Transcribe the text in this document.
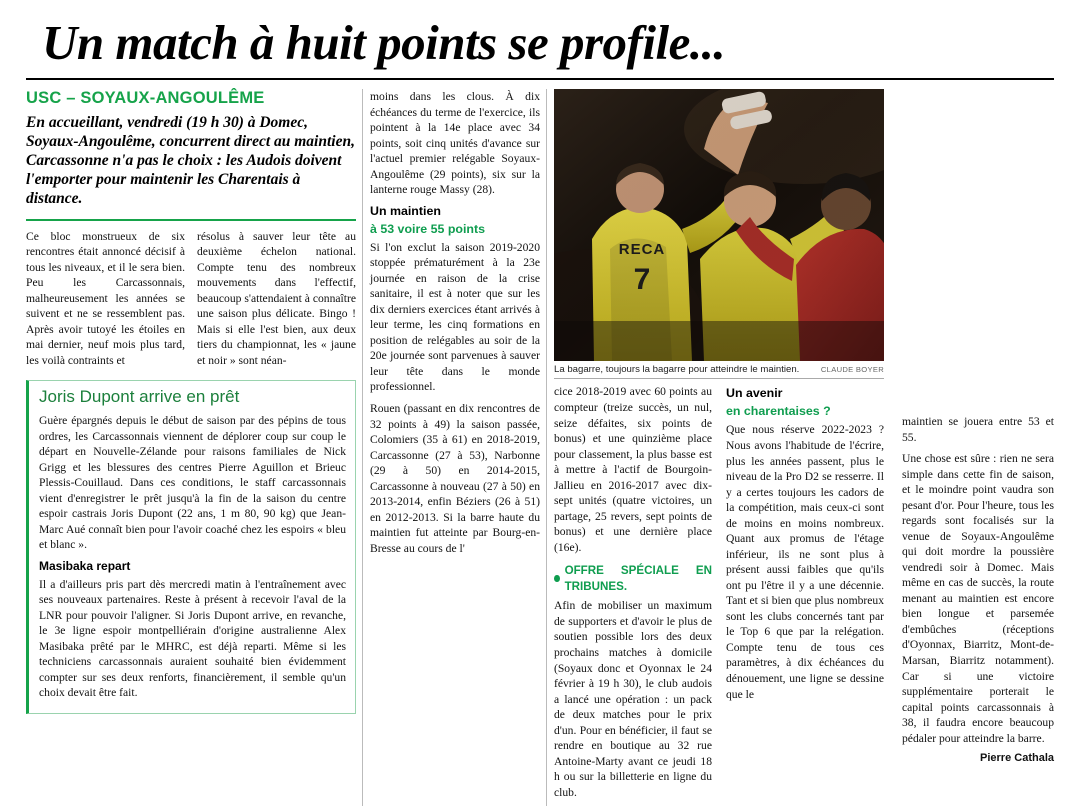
Un match à huit points se profile...
USC – SOYAUX-ANGOULÊME
En accueillant, vendredi (19 h 30) à Domec, Soyaux-Angoulême, concurrent direct au maintien, Carcassonne n'a pas le choix : les Audois doivent l'emporter pour maintenir les Charentais à distance.

Ce bloc monstrueux de six rencontres était annoncé décisif à tous les niveaux, et il le sera bien. Peu les Carcassonnais, malheureusement les années se suivent et ne se ressemblent pas. Après avoir tutoyé les étoiles en mai dernier, neuf mois plus tard, les voilà contraints et

résolus à sauver leur tête au deuxième échelon national. Compte tenu des nombreux mouvements dans l'effectif, beaucoup s'attendaient à connaître une saison plus délicate. Bingo ! Mais si elle l'est bien, aux deux tiers du championnat, les « jaune et noir » sont néan-

Joris Dupont arrive en prêt

Guère épargnés depuis le début de saison par des pépins de tous ordres, les Carcassonnais viennent de déplorer coup sur coup le départ en Nouvelle-Zélande pour raisons familiales de Nick Grigg et les blessures des centres Pierre Aguillon et Brieuc Plessis-Couillaud. Dans ces conditions, le staff carcassonnais vient d'enregistrer le prêt jusqu'à la fin de la saison du centre espoir castrais Joris Dupont (22 ans, 1 m 80, 90 kg) que Jean-Marc Aué connaît bien pour l'avoir coaché chez les espoirs « bleu et blanc ».

Masibaka repart

Il a d'ailleurs pris part dès mercredi matin à l'entraînement avec ses nouveaux partenaires. Reste à présent à recevoir l'aval de la LNR pour pouvoir l'aligner. Si Joris Dupont arrive, en revanche, le 3e ligne espoir montpelliérain d'origine australienne Alex Masibaka prêté par le MHRC, est déjà reparti. Même si les techniciens carcassonnais auraient souhaité bien évidemment compter sur ses deux renforts, financièrement, il semble qu'un choix devait être fait.

moins dans les clous. À dix échéances du terme de l'exercice, ils pointent à la 14e place avec 34 points, soit cinq unités d'avance sur l'actuel premier relégable Soyaux-Angoulême (29 points), six sur la lanterne rouge Massy (28).

Un maintien
à 53 voire 55 points

Si l'on exclut la saison 2019-2020 stoppée prématurément à la 23e journée en raison de la crise sanitaire, il est à noter que sur les dix derniers exercices étant arrivés à leur terme, les cinq formations en position de relégables au soir de la 20e journée sont parvenues à sauver leur tête dans le monde professionnel.

Rouen (passant en dix rencontres de 32 points à 49) la saison passée, Colomiers (35 à 61) en 2018-2019, Carcassonne (27 à 53), Narbonne (29 à 50) en 2014-2015, Carcassonne à nouveau (27 à 50) en 2013-2014, enfin Béziers (26 à 51) en 2012-2013. Si la barre haute du maintien fut atteinte par Bourg-en-Bresse au cours de l'

7
RECA
La bagarre, toujours la bagarre pour atteindre le maintien.	CLAUDE BOYER

cice 2018-2019 avec 60 points au compteur (treize succès, un nul, seize défaites, six points de bonus) et une quinzième place pour classement, la plus basse est à mettre à l'actif de Bourgoin-Jallieu en 2016-2017 avec dix-sept unités (quatre victoires, un partage, 25 revers, sept points de bonus) et une dernière place (16e).

OFFRE SPÉCIALE EN TRIBUNES.

Afin de mobiliser un maximum de supporters et d'avoir le plus de soutien possible lors des deux prochains matches à domicile (Soyaux donc et Oyonnax le 24 février à 19 h 30), le club audois a lancé une opération : un pack de deux matches pour le prix d'un. Pour en bénéficier, il faut se rendre en boutique au 32 rue Antoine-Marty avant ce jeudi 18 h ou sur la billetterie en ligne du club.

Un avenir
en charentaises ?

Que nous réserve 2022-2023 ? Nous avons l'habitude de l'écrire, plus les années passent, plus le niveau de la Pro D2 se resserre. Il y a certes toujours les cadors de la compétition, mais ceux-ci sont de moins en moins nombreux. Quant aux promus de l'étage inférieur, ils ne sont plus à présent aussi faibles que qu'ils ont pu l'être il y a une décennie. Tant et si bien que plus nombreux sont les clubs concernés tant par le Top 6 que par la relégation. Compte tenu de tous ces paramètres, à dix échéances du dénouement, une ligne se dessine que le

maintien se jouera entre 53 et 55.

Une chose est sûre : rien ne sera simple dans cette fin de saison, et le moindre point vaudra son pesant d'or. Pour l'heure, tous les regards sont focalisés sur la venue de Soyaux-Angoulême qui doit mordre la poussière vendredi soir à Domec. Mais même en cas de succès, la route menant au maintien est encore bien longue et parsemée d'embûches (réceptions d'Oyonnax, Biarritz, Mont-de-Marsan, Biarritz notamment). Car si une victoire supplémentaire porterait le capital points carcassonnais à 38, il faudra encore beaucoup pédaler pour atteindre la barre.

Pierre Cathala
